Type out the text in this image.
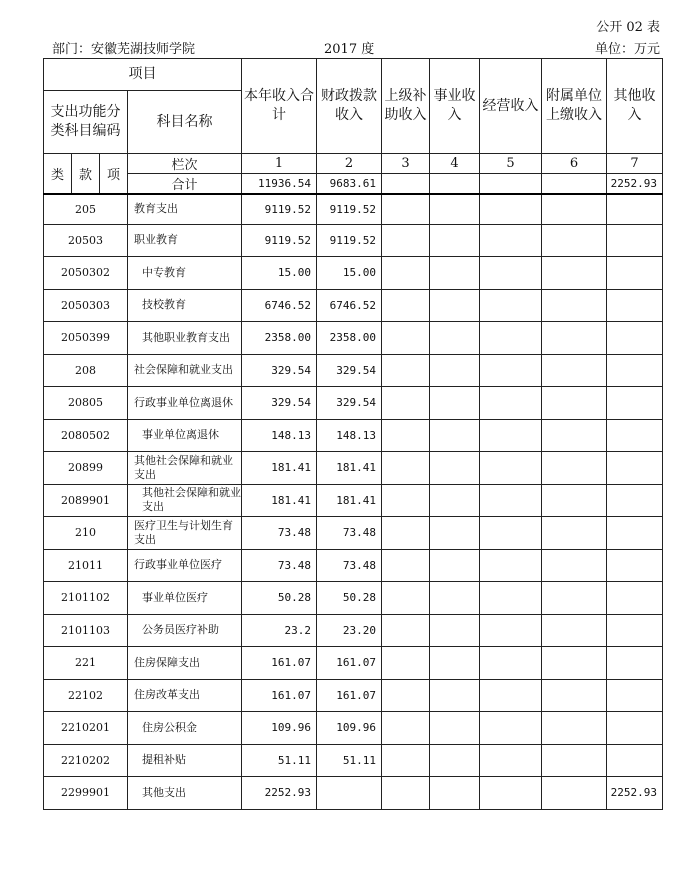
公开 02 表
部门：安徽芜湖技师学院	2017 度	单位：万元
项目				本年收入合计	财政拨款收入	上级补助收入	事业收入	经营收入	附属单位上缴收入	其他收入
支出功能分类科目编码			科目名称							
类	款	项	栏次	1	2	3	4	5	6	7
			合计	11936.54	9683.61					2252.93
205			教育支出	9119.52	9119.52					
20503			职业教育	9119.52	9119.52					
2050302			中专教育	15.00	15.00					
2050303			技校教育	6746.52	6746.52					
2050399			其他职业教育支出	2358.00	2358.00					
208			社会保障和就业支出	329.54	329.54					
20805			行政事业单位离退休	329.54	329.54					
2080502			事业单位离退休	148.13	148.13					
20899			其他社会保障和就业支出	181.41	181.41					
2089901			其他社会保障和就业支出	181.41	181.41					
210			医疗卫生与计划生育支出	73.48	73.48					
21011			行政事业单位医疗	73.48	73.48					
2101102			事业单位医疗	50.28	50.28					
2101103			公务员医疗补助	23.2	23.20					
221			住房保障支出	161.07	161.07					
22102			住房改革支出	161.07	161.07					
2210201			住房公积金	109.96	109.96					
2210202			提租补贴	51.11	51.11					
2299901			其他支出	2252.93						2252.93
